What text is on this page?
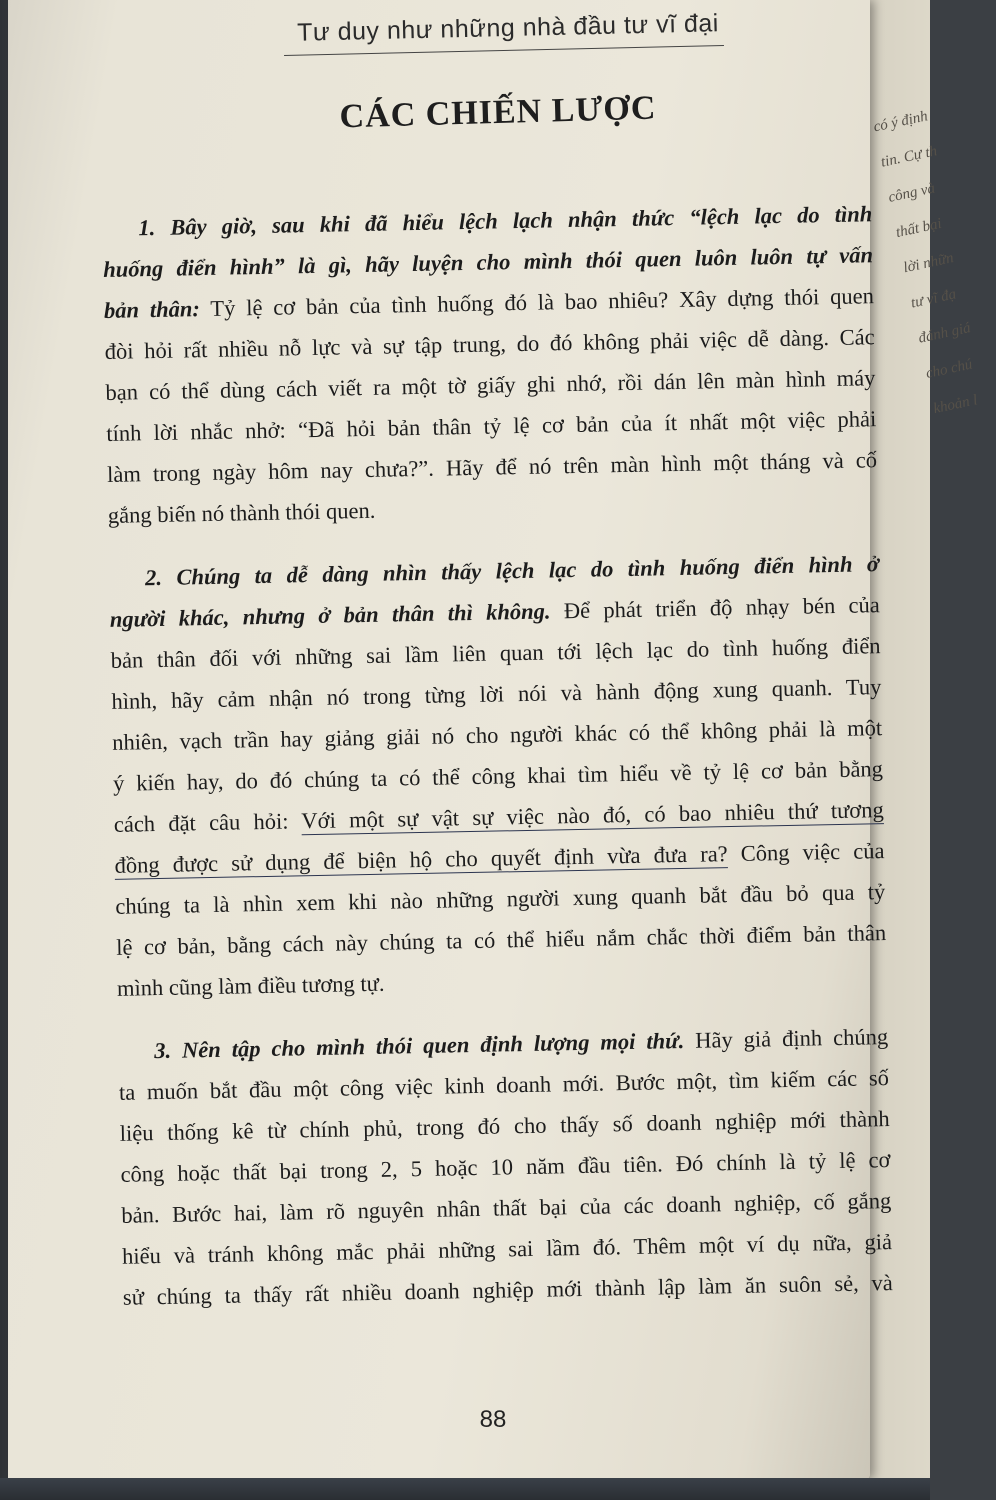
có ý định
tin. Cự th
công và
thất bại
lời nhữn
tư vĩ đạ
đánh giá
cho chú
khoản l
Tư duy như những nhà đầu tư vĩ đại
CÁC CHIẾN LƯỢC

1. Bây giờ, sau khi đã hiểu lệch lạch nhận thức “lệch lạc do tình
huống điển hình” là gì, hãy luyện cho mình thói quen luôn luôn tự vấn
bản thân: Tỷ lệ cơ bản của tình huống đó là bao nhiêu? Xây dựng thói quen
đòi hỏi rất nhiều nỗ lực và sự tập trung, do đó không phải việc dễ dàng. Các
bạn có thể dùng cách viết ra một tờ giấy ghi nhớ, rồi dán lên màn hình máy
tính lời nhắc nhở: “Đã hỏi bản thân tỷ lệ cơ bản của ít nhất một việc phải
làm trong ngày hôm nay chưa?”. Hãy để nó trên màn hình một tháng và cố
gắng biến nó thành thói quen.

2. Chúng ta dễ dàng nhìn thấy lệch lạc do tình huống điển hình ở
người khác, nhưng ở bản thân thì không. Để phát triển độ nhạy bén của
bản thân đối với những sai lầm liên quan tới lệch lạc do tình huống điển
hình, hãy cảm nhận nó trong từng lời nói và hành động xung quanh. Tuy
nhiên, vạch trần hay giảng giải nó cho người khác có thể không phải là một
ý kiến hay, do đó chúng ta có thể công khai tìm hiểu về tỷ lệ cơ bản bằng
cách đặt câu hỏi: Với một sự vật sự việc nào đó, có bao nhiêu thứ tương
đồng được sử dụng để biện hộ cho quyết định vừa đưa ra? Công việc của
chúng ta là nhìn xem khi nào những người xung quanh bắt đầu bỏ qua tỷ
lệ cơ bản, bằng cách này chúng ta có thể hiểu nắm chắc thời điểm bản thân
mình cũng làm điều tương tự.

3. Nên tập cho mình thói quen định lượng mọi thứ. Hãy giả định chúng
ta muốn bắt đầu một công việc kinh doanh mới. Bước một, tìm kiếm các số
liệu thống kê từ chính phủ, trong đó cho thấy số doanh nghiệp mới thành
công hoặc thất bại trong 2, 5 hoặc 10 năm đầu tiên. Đó chính là tỷ lệ cơ
bản. Bước hai, làm rõ nguyên nhân thất bại của các doanh nghiệp, cố gắng
hiểu và tránh không mắc phải những sai lầm đó. Thêm một ví dụ nữa, giả
sử chúng ta thấy rất nhiều doanh nghiệp mới thành lập làm ăn suôn sẻ, và

88
